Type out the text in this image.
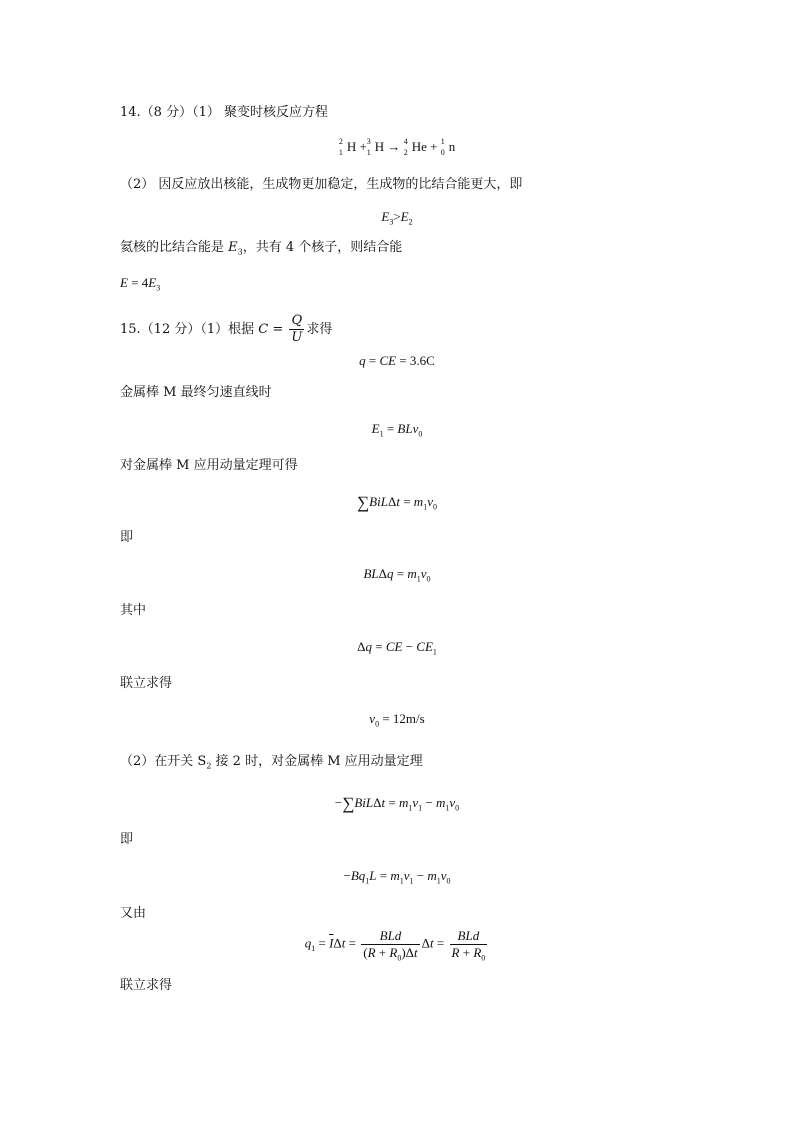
14.（8 分）（1） 聚变时核反应方程
2
1 H + 3
1 H → 4
2 He + 1
0 n
（2） 因反应放出核能，生成物更加稳定，生成物的比结合能更大，即
$E_3>E_2$
氦核的比结合能是 $E_3$，共有 4 个核子，则结合能
$E = 4E_3$
15.（12 分）（1）根据 $C = \frac{Q}{U}$ 求得
q = CE = 3.6C
金属棒 M 最终匀速直线时
$E_1 = BLv_0$
对金属棒 M 应用动量定理可得
$\sum BiL\Delta t = m_1v_0$
即
$BL\Delta q = m_1v_0$
其中
Δq = CE − $CE_1$
联立求得
$v_0 = 12m/s$
（2）在开关 $S_2$ 接 2 时，对金属棒 M 应用动量定理
$-\sum BiL\Delta t = m_1v_1 - m_1v_0$
即
$-Bq_1L = m_1v_1 - m_1v_0$
又由
$q_1 = \overline{I}\Delta t = \frac{\text{BLd}}{(R + R_0)\Delta t}$ $\Delta t = \frac{\text{BLd}}{R + R_0}$
联立求得
